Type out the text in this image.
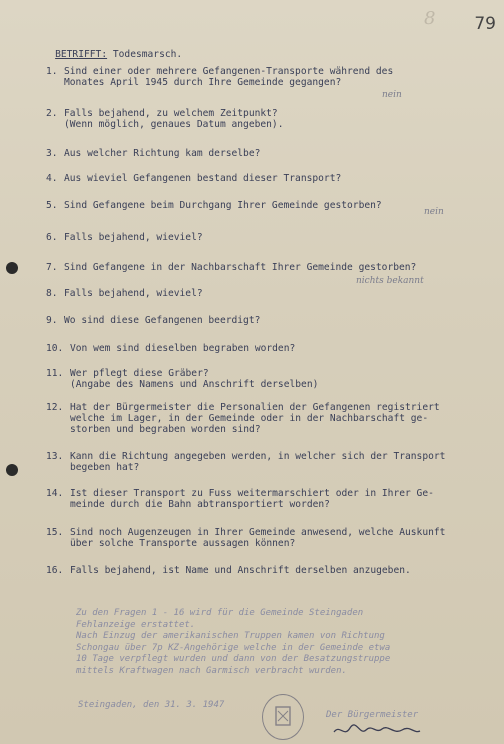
79
8

BETRIFFT: Todesmarsch.

1. Sind einer oder mehrere Gefangenen-Transporte während des
Monates April 1945 durch Ihre Gemeinde gegangen?
2. Falls bejahend, zu welchem Zeitpunkt?
(Wenn möglich, genaues Datum angeben).
3. Aus welcher Richtung kam derselbe?
4. Aus wieviel Gefangenen bestand dieser Transport?
5. Sind Gefangene beim Durchgang Ihrer Gemeinde gestorben?
6. Falls bejahend, wieviel?
7. Sind Gefangene in der Nachbarschaft Ihrer Gemeinde gestorben?
8. Falls bejahend, wieviel?
9. Wo sind diese Gefangenen beerdigt?
10. Von wem sind dieselben begraben worden?
11. Wer pflegt diese Gräber?
(Angabe des Namens und Anschrift derselben)
12. Hat der Bürgermeister die Personalien der Gefangenen registriert
welche im Lager, in der Gemeinde oder in der Nachbarschaft ge-
storben und begraben worden sind?
13. Kann die Richtung angegeben werden, in welcher sich der Transport
begeben hat?
14. Ist dieser Transport zu Fuss weitermarschiert oder in Ihrer Ge-
meinde durch die Bahn abtransportiert worden?
15. Sind noch Augenzeugen in Ihrer Gemeinde anwesend, welche Auskunft
über solche Transporte aussagen können?
16. Falls bejahend, ist Name und Anschrift derselben anzugeben.
nein
nein
nichts bekannt
Zu den Fragen 1 - 16 wird für die Gemeinde Steingaden
Fehlanzeige erstattet.
Nach Einzug der amerikanischen Truppen kamen von Richtung
Schongau über 7p KZ-Angehörige welche in der Gemeinde etwa
10 Tage verpflegt wurden und dann von der Besatzungstruppe
mittels Kraftwagen nach Garmisch verbracht wurden.
Steingaden, den 31. 3. 1947
Der Bürgermeister
